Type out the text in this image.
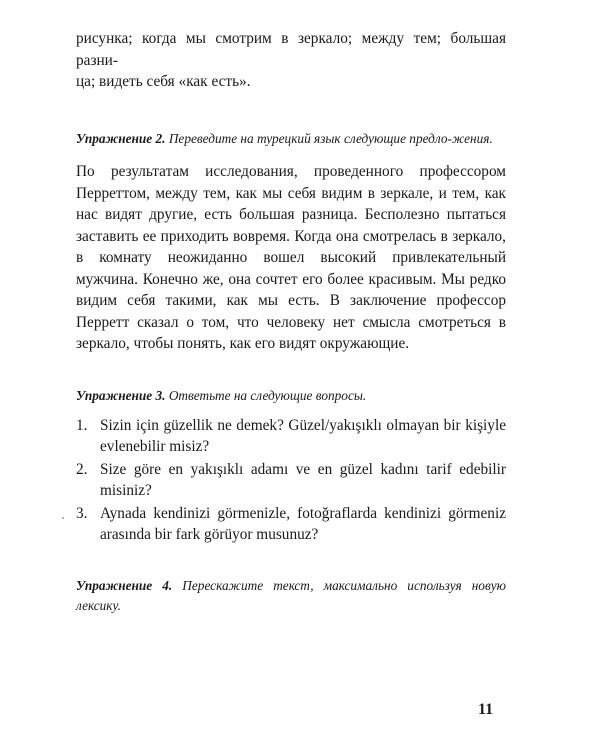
рисунка; когда мы смотрим в зеркало; между тем; большая разни-

ца; видеть себя «как есть».

Упражнение 2. Переведите на турецкий язык следующие предло-жения.

По результатам исследования, проведенного профессором Перреттом, между тем, как мы себя видим в зеркале, и тем, как нас видят другие, есть большая разница. Бесполезно пытаться заставить ее приходить вовремя. Когда она смотрелась в зеркало, в комнату неожиданно вошел высокий привлекательный мужчина. Конечно же, она сочтет его более красивым. Мы редко видим себя такими, как мы есть. В заключение профессор Перретт сказал о том, что человеку нет смысла смотреться в зеркало, чтобы понять, как его видят окружающие.

Упражнение 3. Ответьте на следующие вопросы.

1. Sizin için güzellik ne demek? Güzel/yakışıklı olmayan bir kişiyle evlenebilir misiz?
2. Size göre en yakışıklı adamı ve en güzel kadını tarif edebilir misiniz?
3. Aynada kendinizi görmenizle, fotoğraflarda kendinizi görmeniz arasında bir fark görüyor musunuz?

Упражнение 4. Перескажите текст, максимально используя новую лексику.

11
